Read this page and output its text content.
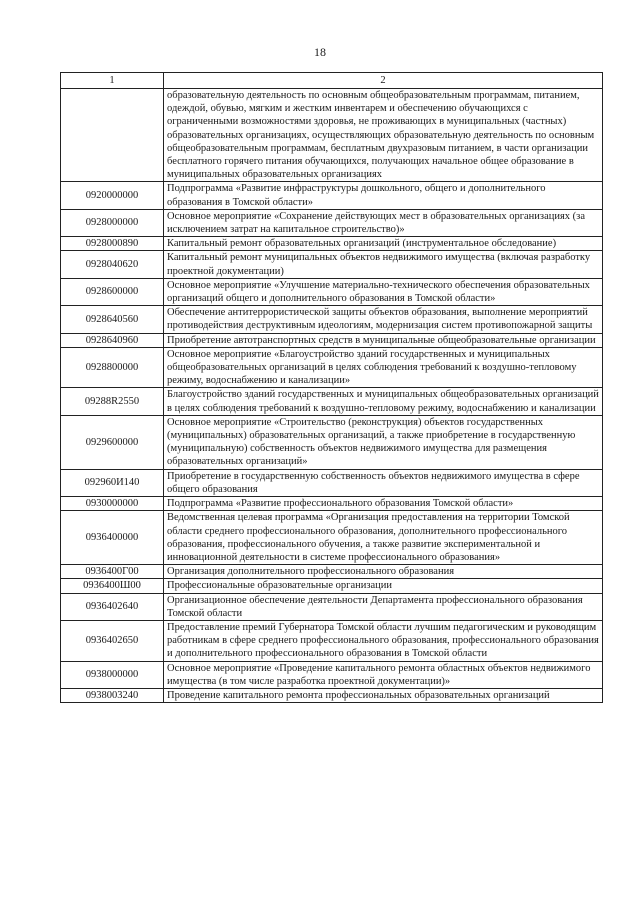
18
1	2
	образовательную деятельность по основным общеобразовательным программам, питанием, одеждой, обувью, мягким и жестким инвентарем и обеспечению обучающихся с ограниченными возможностями здоровья, не проживающих в муниципальных (частных) образовательных организациях, осуществляющих образовательную деятельность по основным общеобразовательным программам, бесплатным двухразовым питанием, в части организации бесплатного горячего питания обучающихся, получающих начальное общее образование в муниципальных образовательных организациях
0920000000	Подпрограмма «Развитие инфраструктуры дошкольного, общего и дополнительного образования в Томской области»
0928000000	Основное мероприятие «Сохранение действующих мест в образовательных организациях (за исключением затрат на капитальное строительство)»
0928000890	Капитальный ремонт образовательных организаций (инструментальное обследование)
0928040620	Капитальный ремонт муниципальных объектов недвижимого имущества (включая разработку проектной документации)
0928600000	Основное мероприятие «Улучшение материально-технического обеспечения образовательных организаций общего и дополнительного образования в Томской области»
0928640560	Обеспечение антитеррористической защиты объектов образования, выполнение мероприятий противодействия деструктивным идеологиям, модернизация систем противопожарной защиты
0928640960	Приобретение автотранспортных средств в муниципальные общеобразовательные организации
0928800000	Основное мероприятие «Благоустройство зданий государственных и муниципальных общеобразовательных организаций в целях соблюдения требований к воздушно-тепловому режиму, водоснабжению и канализации»
09288R2550	Благоустройство зданий государственных и муниципальных общеобразовательных организаций в целях соблюдения требований к воздушно-тепловому режиму, водоснабжению и канализации
0929600000	Основное мероприятие «Строительство (реконструкция) объектов государственных (муниципальных) образовательных организаций, а также приобретение в государственную (муниципальную) собственность объектов недвижимого имущества для размещения образовательных организаций»
092960И140	Приобретение в государственную собственность объектов недвижимого имущества в сфере общего образования
0930000000	Подпрограмма «Развитие профессионального образования Томской области»
0936400000	Ведомственная целевая программа «Организация предоставления на территории Томской области среднего профессионального образования, дополнительного профессионального образования, профессионального обучения, а также развитие экспериментальной и инновационной деятельности в системе профессионального образования»
0936400Г00	Организация дополнительного профессионального образования
0936400Ш00	Профессиональные образовательные организации
0936402640	Организационное обеспечение деятельности Департамента профессионального образования Томской области
0936402650	Предоставление премий Губернатора Томской области лучшим педагогическим и руководящим работникам в сфере среднего профессионального образования, профессионального образования и дополнительного профессионального образования в Томской области
0938000000	Основное мероприятие «Проведение капитального ремонта областных объектов недвижимого имущества (в том числе разработка проектной документации)»
0938003240	Проведение капитального ремонта профессиональных образовательных организаций
